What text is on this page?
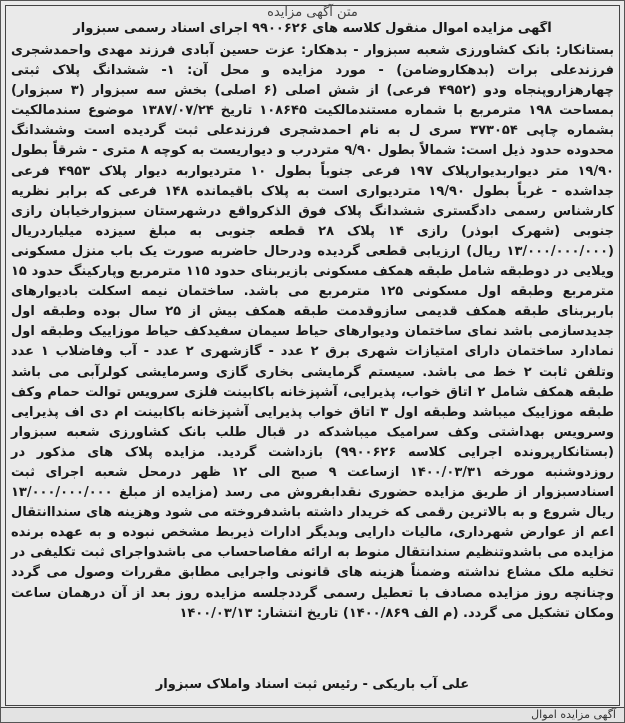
متن آگهی مزایده
آگهی مزایده اموال منقول کلاسه های ۹۹۰۰۶۲۶ اجرای اسناد رسمی سبزوار

بستانکار: بانک کشاورزی شعبه سبزوار - بدهکار: عزت حسین آبادی فرزند مهدی واحمدشجری فرزندعلی برات (بدهکاروضامن) - مورد مزایده و محل آن: ۱- ششدانگ پلاک ثبتی چهارهزاروپنجاه ودو (۴۹۵۲ فرعی) از شش اصلی (۶ اصلی) بخش سه سبزوار (۳ سبزوار) بمساحت ۱۹۸ مترمربع با شماره مستندمالکیت ۱۰۸۶۴۵ تاریخ ۱۳۸۷/۰۷/۲۴ موضوع سندمالکیت بشماره چاپی ۳۷۳۰۵۴ سری ل به نام احمدشجری فرزندعلی ثبت گردیده است وششدانگ محدوده حدود ذیل است: شمالاً بطول ۹/۹۰ متردرب و دیواریست به کوچه ۸ متری - شرقاً بطول ۱۹/۹۰ متر دیواربدیوارپلاک ۱۹۷ فرعی جنوباً بطول ۱۰ متردیواربه دیوار پلاک ۴۹۵۳ فرعی جداشده - غرباً بطول ۱۹/۹۰ متردیواری است به پلاک باقیمانده ۱۴۸ فرعی که برابر نظریه کارشناس رسمی دادگستری ششدانگ پلاک فوق الذکرواقع درشهرستان سبزوارخیابان رازی جنوبی (شهرک ابوذر) رازی ۱۴ پلاک ۲۸ قطعه جنوبی به مبلغ سیزده میلیاردریال (۱۳/۰۰۰/۰۰۰/۰۰۰ ریال) ارزیابی قطعی گردیده ودرحال حاضربه صورت یک باب منزل مسکونی ویلایی در دوطبقه شامل طبقه همکف مسکونی بازیربنای حدود ۱۱۵ مترمربع وپارکینگ حدود ۱۵ مترمربع وطبقه اول مسکونی ۱۲۵ مترمربع می باشد. ساختمان نیمه اسکلت بادیوارهای باربربنای طبقه همکف قدیمی سازوقدمت طبقه همکف بیش از ۲۵ سال بوده وطبقه اول جدیدسازمی باشد نمای ساختمان ودیوارهای حیاط سیمان سفیدکف حیاط موزاییک وطبقه اول نمادارد ساختمان دارای امتیازات شهری برق ۲ عدد - گازشهری ۲ عدد - آب وفاضلاب ۱ عدد وتلفن ثابت ۲ خط می باشد. سیستم گرمایشی بخاری گازی وسرمایشی کولرآبی می باشد طبقه همکف شامل ۲ اتاق خواب، پذیرایی، آشپزخانه باکابینت فلزی سرویس توالت حمام وکف طبقه موزاییک میباشد وطبقه اول ۳ اتاق خواب پذیرایی آشپزخانه باکابینت ام دی اف پذیرایی وسرویس بهداشتی وکف سرامیک میباشدکه در قبال طلب بانک کشاورزی شعبه سبزوار (بستانکارپرونده اجرایی کلاسه ۹۹۰۰۶۲۶) بازداشت گردید. مزایده پلاک های مذکور در روزدوشنبه مورخه ۱۴۰۰/۰۳/۳۱ ازساعت ۹ صبح الی ۱۲ ظهر درمحل شعبه اجرای ثبت اسنادسبزوار از طریق مزایده حضوری نقدابفروش می رسد (مزایده از مبلغ ۱۳/۰۰۰/۰۰۰/۰۰۰ ریال شروع و به بالاترین رقمی که خریدار داشته باشدفروخته می شود وهزینه های سنداانتقال اعم از عوارض شهرداری، مالیات دارایی وبدیگر ادارات ذیربط مشخص نبوده و به عهده برنده مزایده می باشدوتنظیم سندانتقال منوط به ارائه مفاصاحساب می باشدواجرای ثبت تکلیفی در تخلیه ملک مشاع نداشته وضمناً هزینه های قانونی واجرایی مطابق مقررات وصول می گردد وچنانچه روز مزایده مصادف با تعطیل رسمی گرددجلسه مزایده روز بعد از آن درهمان ساعت ومکان تشکیل می گردد. (م الف ۱۴۰۰/۸۶۹) تاریخ انتشار: ۱۴۰۰/۰۳/۱۳

علی آب باریکی - رئیس ثبت اسناد واملاک سبزوار
آگهی مزایده اموال
